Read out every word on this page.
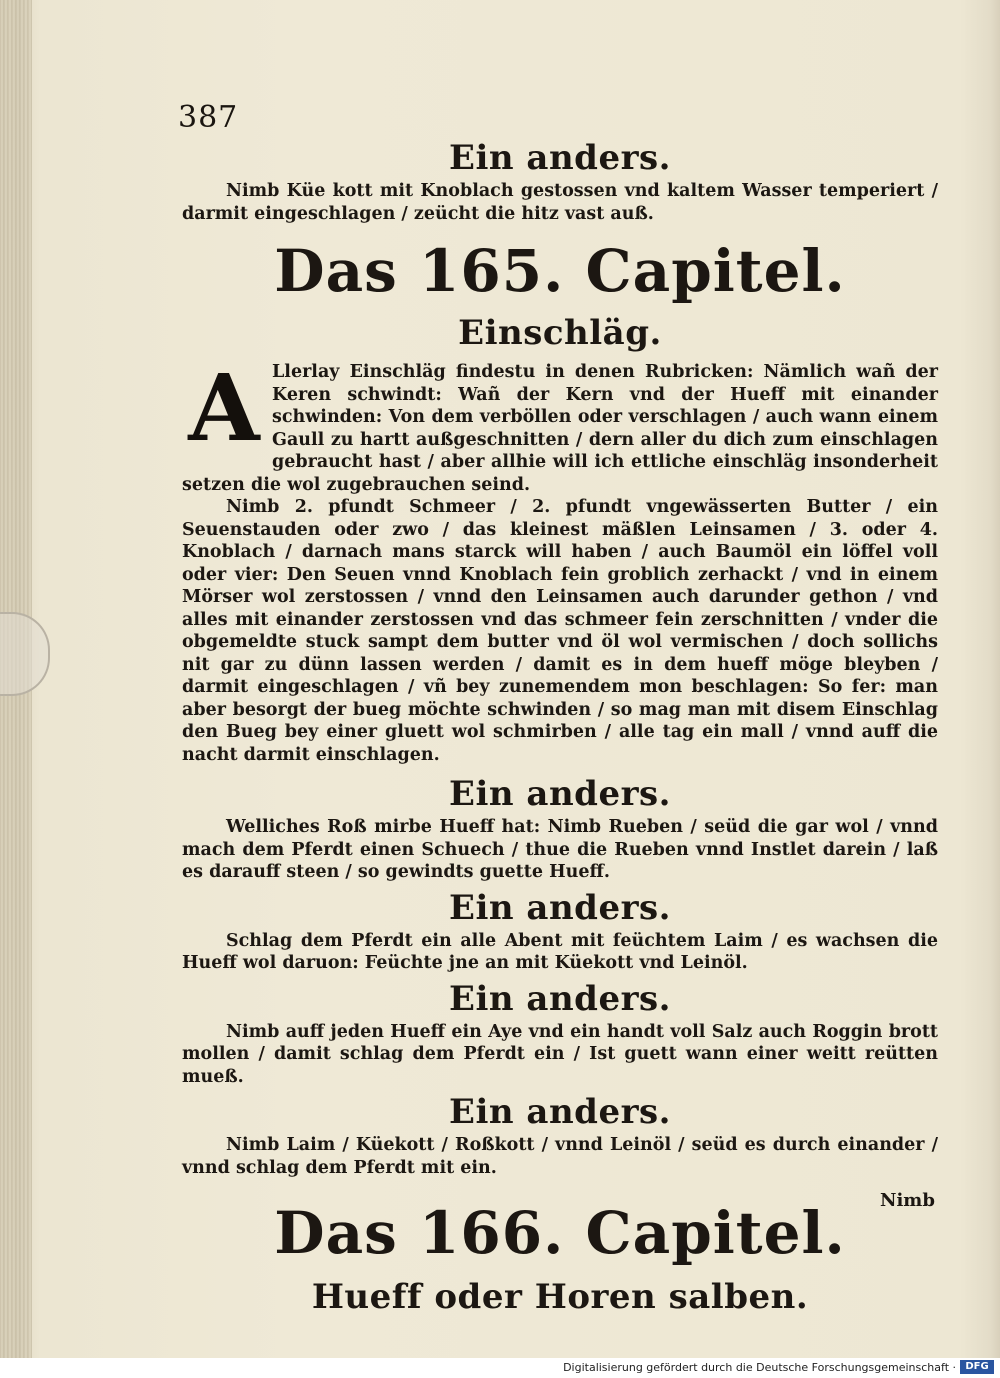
387

Ein anders.

Nimb Küe kott mit Knoblach gestossen vnd kaltem Wasser temperiert / darmit eingeschlagen / zeücht die hitz vast auß.

Das 165. Capitel.

Einschläg.

A Llerlay Einschläg findestu in denen Rubricken: Nämlich wañ der Keren schwindt: Wañ der Kern vnd der Hueff mit einander schwinden: Von dem verböllen oder verschlagen / auch wann einem Gaull zu hartt außgeschnitten / dern aller du dich zum einschlagen gebraucht hast / aber allhie will ich ettliche einschläg insonderheit setzen die wol zugebrauchen seind.

Nimb 2. pfundt Schmeer / 2. pfundt vngewässerten Butter / ein Seuenstauden oder zwo / das kleinest mäßlen Leinsamen / 3. oder 4. Knoblach / darnach mans starck will haben / auch Baumöl ein löffel voll oder vier: Den Seuen vnnd Knoblach fein groblich zerhackt / vnd in einem Mörser wol zerstossen / vnnd den Leinsamen auch darunder gethon / vnd alles mit einander zerstossen vnd das schmeer fein zerschnitten / vnder die obgemeldte stuck sampt dem butter vnd öl wol vermischen / doch sollichs nit gar zu dünn lassen werden / damit es in dem hueff möge bleyben / darmit eingeschlagen / vñ bey zunemendem mon beschlagen: So fer: man aber besorgt der bueg möchte schwinden / so mag man mit disem Einschlag den Bueg bey einer gluett wol schmirben / alle tag ein mall / vnnd auff die nacht darmit einschlagen.

Ein anders.

Welliches Roß mirbe Hueff hat: Nimb Rueben / seüd die gar wol / vnnd mach dem Pferdt einen Schuech / thue die Rueben vnnd Instlet darein / laß es darauff steen / so gewindts guette Hueff.

Ein anders.

Schlag dem Pferdt ein alle Abent mit feüchtem Laim / es wachsen die Hueff wol daruon: Feüchte jne an mit Küekott vnd Leinöl.

Ein anders.

Nimb auff jeden Hueff ein Aye vnd ein handt voll Salz auch Roggin brott mollen / damit schlag dem Pferdt ein / Ist guett wann einer weitt reütten mueß.

Ein anders.

Nimb Laim / Küekott / Roßkott / vnnd Leinöl / seüd es durch einander / vnnd schlag dem Pferdt mit ein.

Das 166. Capitel.

Hueff oder Horen salben.

Nimb
Digitalisierung gefördert durch die Deutsche Forschungsgemeinschaft · DFG
